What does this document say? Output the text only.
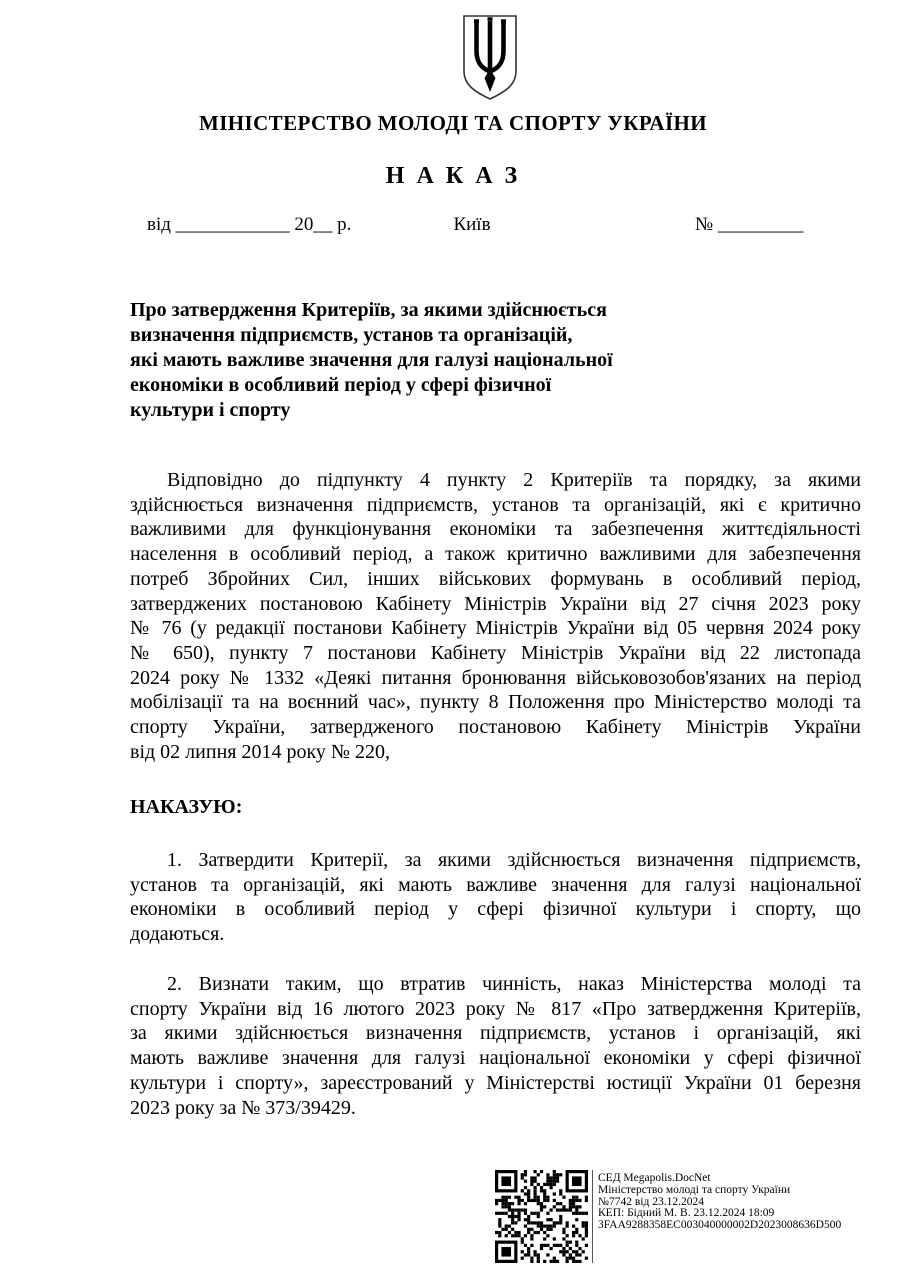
МІНІСТЕРСТВО МОЛОДІ ТА СПОРТУ УКРАЇНИ
Н А К А З
від ____________ 20__ р.	Київ	№ _________
Про затвердження Критеріїв, за якими здійснюється
визначення підприємств, установ та організацій,
які мають важливе значення для галузі національної
економіки в особливий період у сфері фізичної
культури і спорту
Відповідно до підпункту 4 пункту 2 Критеріїв та порядку, за якими
здійснюється визначення підприємств, установ та організацій, які є критично
важливими для функціонування економіки та забезпечення життєдіяльності
населення в особливий період, а також критично важливими для забезпечення
потреб Збройних Сил, інших військових формувань в особливий період,
затверджених постановою Кабінету Міністрів України від 27 січня 2023 року
№ 76 (у редакції постанови Кабінету Міністрів України від 05 червня 2024 року
№ 650), пункту 7 постанови Кабінету Міністрів України від 22 листопада
2024 року № 1332 «Деякі питання бронювання військовозобов'язаних на період
мобілізації та на воєнний час», пункту 8 Положення про Міністерство молоді та
спорту України, затвердженого постановою Кабінету Міністрів України
від 02 липня 2014 року № 220,
НАКАЗУЮ:
1. Затвердити Критерії, за якими здійснюється визначення підприємств,
установ та організацій, які мають важливе значення для галузі національної
економіки в особливий період у сфері фізичної культури і спорту, що
додаються.
2. Визнати таким, що втратив чинність, наказ Міністерства молоді та
спорту України від 16 лютого 2023 року № 817 «Про затвердження Критеріїв,
за якими здійснюється визначення підприємств, установ і організацій, які
мають важливе значення для галузі національної економіки у сфері фізичної
культури і спорту», зареєстрований у Міністерстві юстиції України 01 березня
2023 року за № 373/39429.
СЕД Megapolis.DocNet
Міністерство молоді та спорту України
№7742 від 23.12.2024
КЕП: Бідний М. В. 23.12.2024 18:09
3FAA9288358EC003040000002D2023008636D500
